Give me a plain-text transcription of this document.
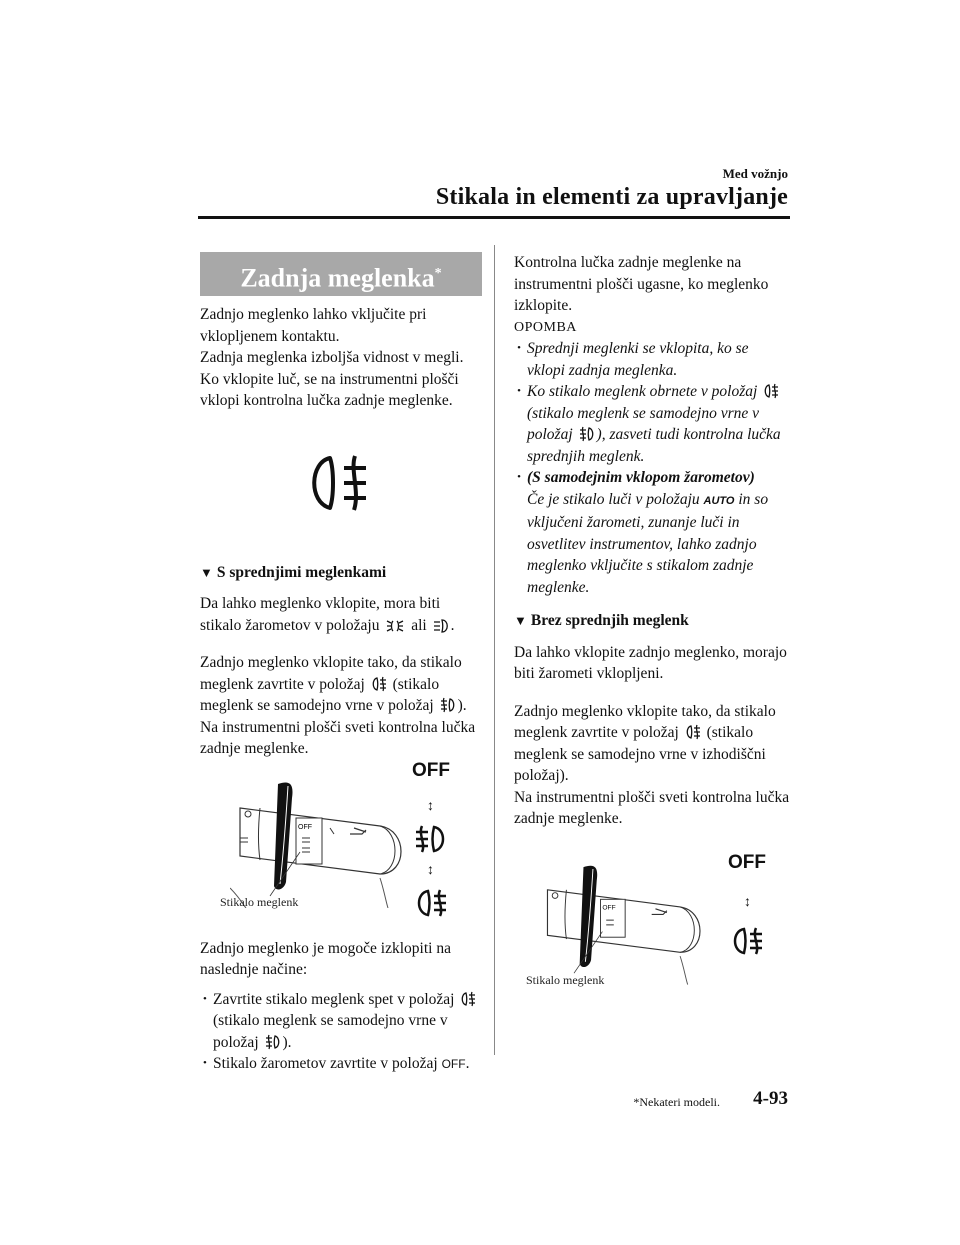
Med vožnjo
Stikala in elementi za upravljanje
Zadnja meglenka*

Zadnjo meglenko lahko vključite pri vklopljenem kontaktu.

Zadnja meglenka izboljša vidnost v megli. Ko vklopite luč, se na instrumentni plošči vklopi kontrolna lučka zadnje meglenke.

▼ S sprednjimi meglenkami

Da lahko meglenko vklopite, mora biti stikalo žarometov v položaju ali .

Zadnjo meglenko vklopite tako, da stikalo meglenk zavrtite v položaj (stikalo meglenk se samodejno vrne v položaj ).
Na instrumentni plošči sveti kontrolna lučka zadnje meglenke.

OFF
Stikalo meglenk
OFF
↕
↕

Zadnjo meglenko je mogoče izklopiti na naslednje načine:

• Zavrtite stikalo meglenk spet v položaj
(stikalo meglenk se samodejno vrne v položaj ).

• Stikalo žarometov zavrtite v položaj OFF.

Kontrolna lučka zadnje meglenke na instrumentni plošči ugasne, ko meglenko izklopite.

OPOMBA

• Sprednji meglenki se vklopita, ko se vklopi zadnja meglenka.

• Ko stikalo meglenk obrnete v položaj
(stikalo meglenk se samodejno vrne v položaj ), zasveti tudi kontrolna lučka sprednjih meglenk.

• (S samodejnim vklopom žarometov)
Če je stikalo luči v položaju AUTO in so vključeni žarometi, zunanje luči in osvetlitev instrumentov, lahko zadnjo meglenko vključite s stikalom zadnje meglenke.

▼ Brez sprednjih meglenk

Da lahko vklopite zadnjo meglenko, morajo biti žarometi vklopljeni.

Zadnjo meglenko vklopite tako, da stikalo meglenk zavrtite v položaj (stikalo meglenk se samodejno vrne v izhodiščni položaj).
Na instrumentni plošči sveti kontrolna lučka zadnje meglenke.

OFF
Stikalo meglenk
OFF
↕
*Nekateri modeli. 4-93
